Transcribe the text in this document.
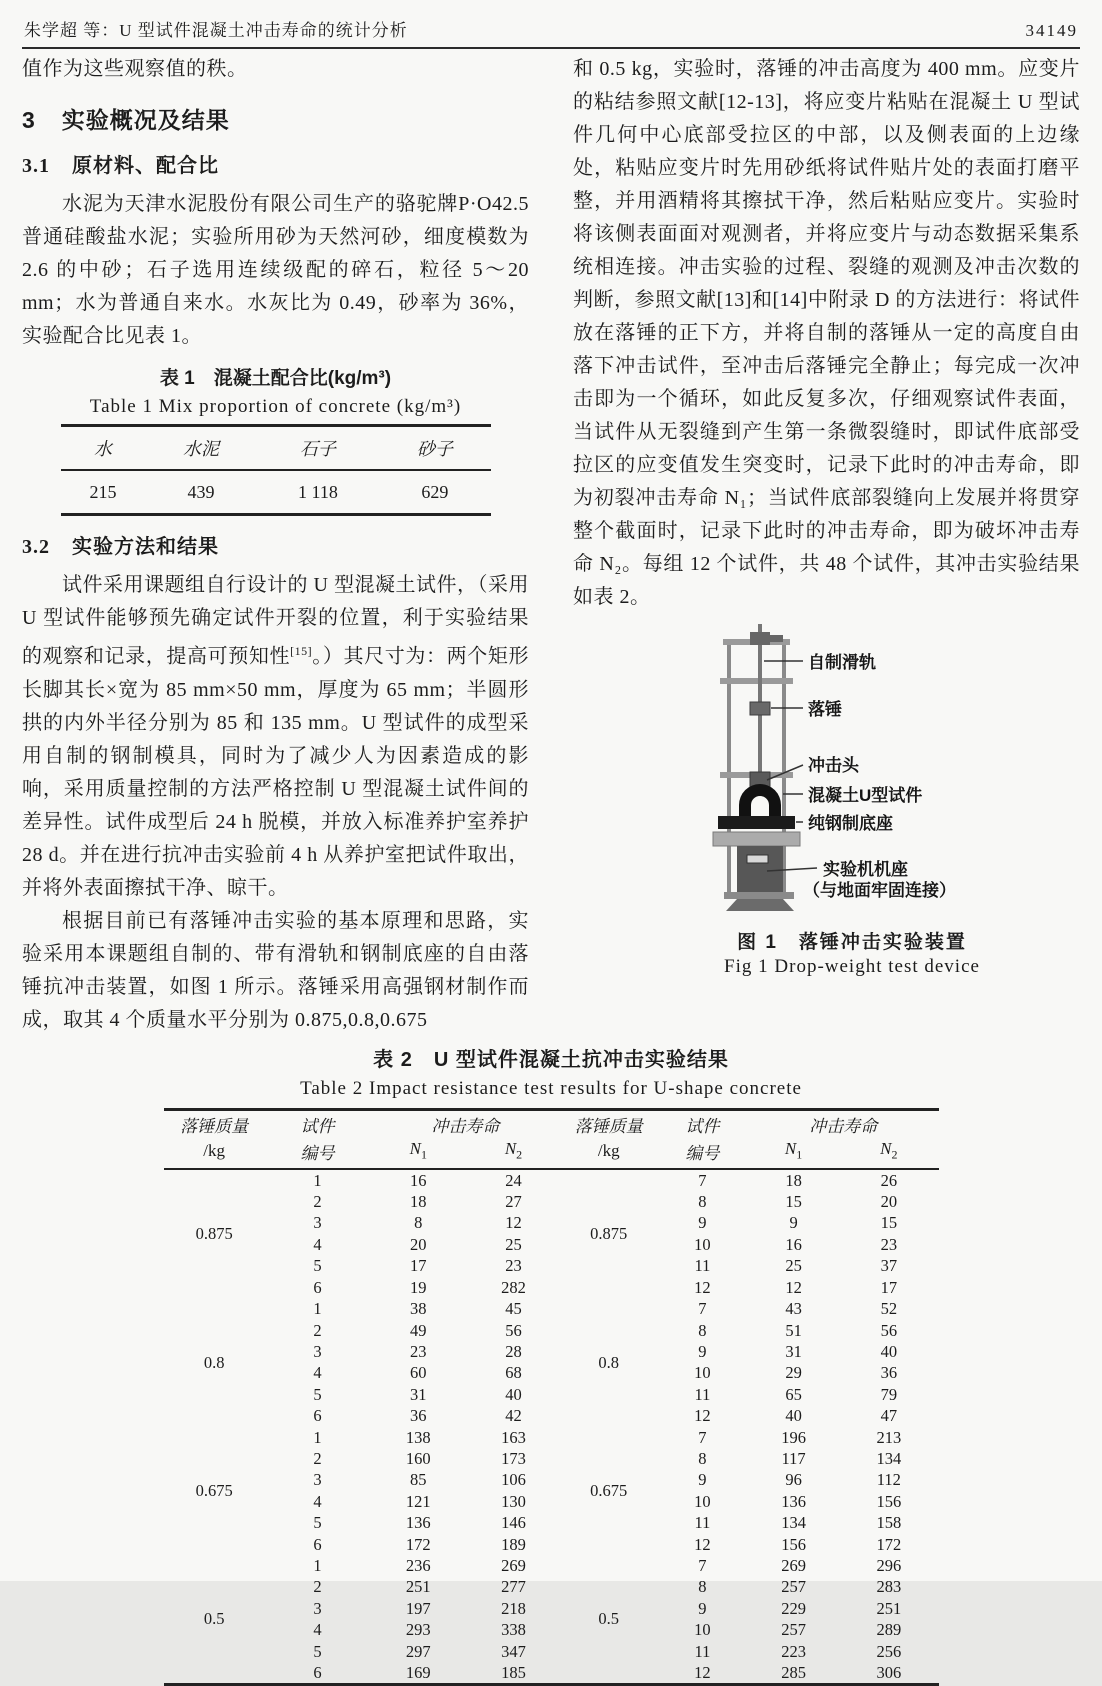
朱学超 等：U 型试件混凝土冲击寿命的统计分析	34149

值作为这些观察值的秩。

3 实验概况及结果
3.1 原材料、配合比

水泥为天津水泥股份有限公司生产的骆驼牌P·O42.5普通硅酸盐水泥；实验所用砂为天然河砂，细度模数为 2.6 的中砂；石子选用连续级配的碎石，粒径 5～20 mm；水为普通自来水。水灰比为 0.49，砂率为 36%，实验配合比见表 1。

表 1　混凝土配合比(kg/m³)
Table 1 Mix proportion of concrete (kg/m³)
水	水泥	石子	砂子
215	439	1 118	629
3.2 实验方法和结果

试件采用课题组自行设计的 U 型混凝土试件，（采用 U 型试件能够预先确定试件开裂的位置，利于实验结果的观察和记录，提高可预知性[15]。）其尺寸为：两个矩形长脚其长×宽为 85 mm×50 mm，厚度为 65 mm；半圆形拱的内外半径分别为 85 和 135 mm。U 型试件的成型采用自制的钢制模具，同时为了减少人为因素造成的影响，采用质量控制的方法严格控制 U 型混凝土试件间的差异性。试件成型后 24 h 脱模，并放入标准养护室养护 28 d。并在进行抗冲击实验前 4 h 从养护室把试件取出，并将外表面擦拭干净、晾干。

根据目前已有落锤冲击实验的基本原理和思路，实验采用本课题组自制的、带有滑轨和钢制底座的自由落锤抗冲击装置，如图 1 所示。落锤采用高强钢材制作而成，取其 4 个质量水平分别为 0.875,0.8,0.675

和 0.5 kg，实验时，落锤的冲击高度为 400 mm。应变片的粘结参照文献[12-13]，将应变片粘贴在混凝土 U 型试件几何中心底部受拉区的中部，以及侧表面的上边缘处，粘贴应变片时先用砂纸将试件贴片处的表面打磨平整，并用酒精将其擦拭干净，然后粘贴应变片。实验时将该侧表面面对观测者，并将应变片与动态数据采集系统相连接。冲击实验的过程、裂缝的观测及冲击次数的判断，参照文献[13]和[14]中附录 D 的方法进行：将试件放在落锤的正下方，并将自制的落锤从一定的高度自由落下冲击试件，至冲击后落锤完全静止；每完成一次冲击即为一个循环，如此反复多次，仔细观察试件表面，当试件从无裂缝到产生第一条微裂缝时，即试件底部受拉区的应变值发生突变时，记录下此时的冲击寿命，即为初裂冲击寿命 N₁；当试件底部裂缝向上发展并将贯穿整个截面时，记录下此时的冲击寿命，即为破坏冲击寿命 N₂。每组 12 个试件，共 48 个试件，其冲击实验结果如表 2。

自制滑轨
落锤
冲击头
混凝土U型试件
纯钢制底座
实验机机座
（与地面牢固连接）
图 1　落锤冲击实验装置
Fig 1 Drop-weight test device
表 2　U 型试件混凝土抗冲击实验结果
Table 2 Impact resistance test results for U-shape concrete
落锤质量	试件	冲击寿命		落锤质量	试件	冲击寿命	
/kg	编号	$N_1$	$N_2$	/kg	编号	$N_1$	$N_2$
0.875	1	16	24	0.875	7	18	26
	2	18	27		8	15	20
	3	8	12		9	9	15
	4	20	25		10	16	23
	5	17	23		11	25	37
	6	19	282		12	12	17
0.8	1	38	45	0.8	7	43	52
	2	49	56		8	51	56
	3	23	28		9	31	40
	4	60	68		10	29	36
	5	31	40		11	65	79
	6	36	42		12	40	47
0.675	1	138	163	0.675	7	196	213
	2	160	173		8	117	134
	3	85	106		9	96	112
	4	121	130		10	136	156
	5	136	146		11	134	158
	6	172	189		12	156	172
0.5	1	236	269	0.5	7	269	296
	2	251	277		8	257	283
	3	197	218		9	229	251
	4	293	338		10	257	289
	5	297	347		11	223	256
	6	169	185		12	285	306
